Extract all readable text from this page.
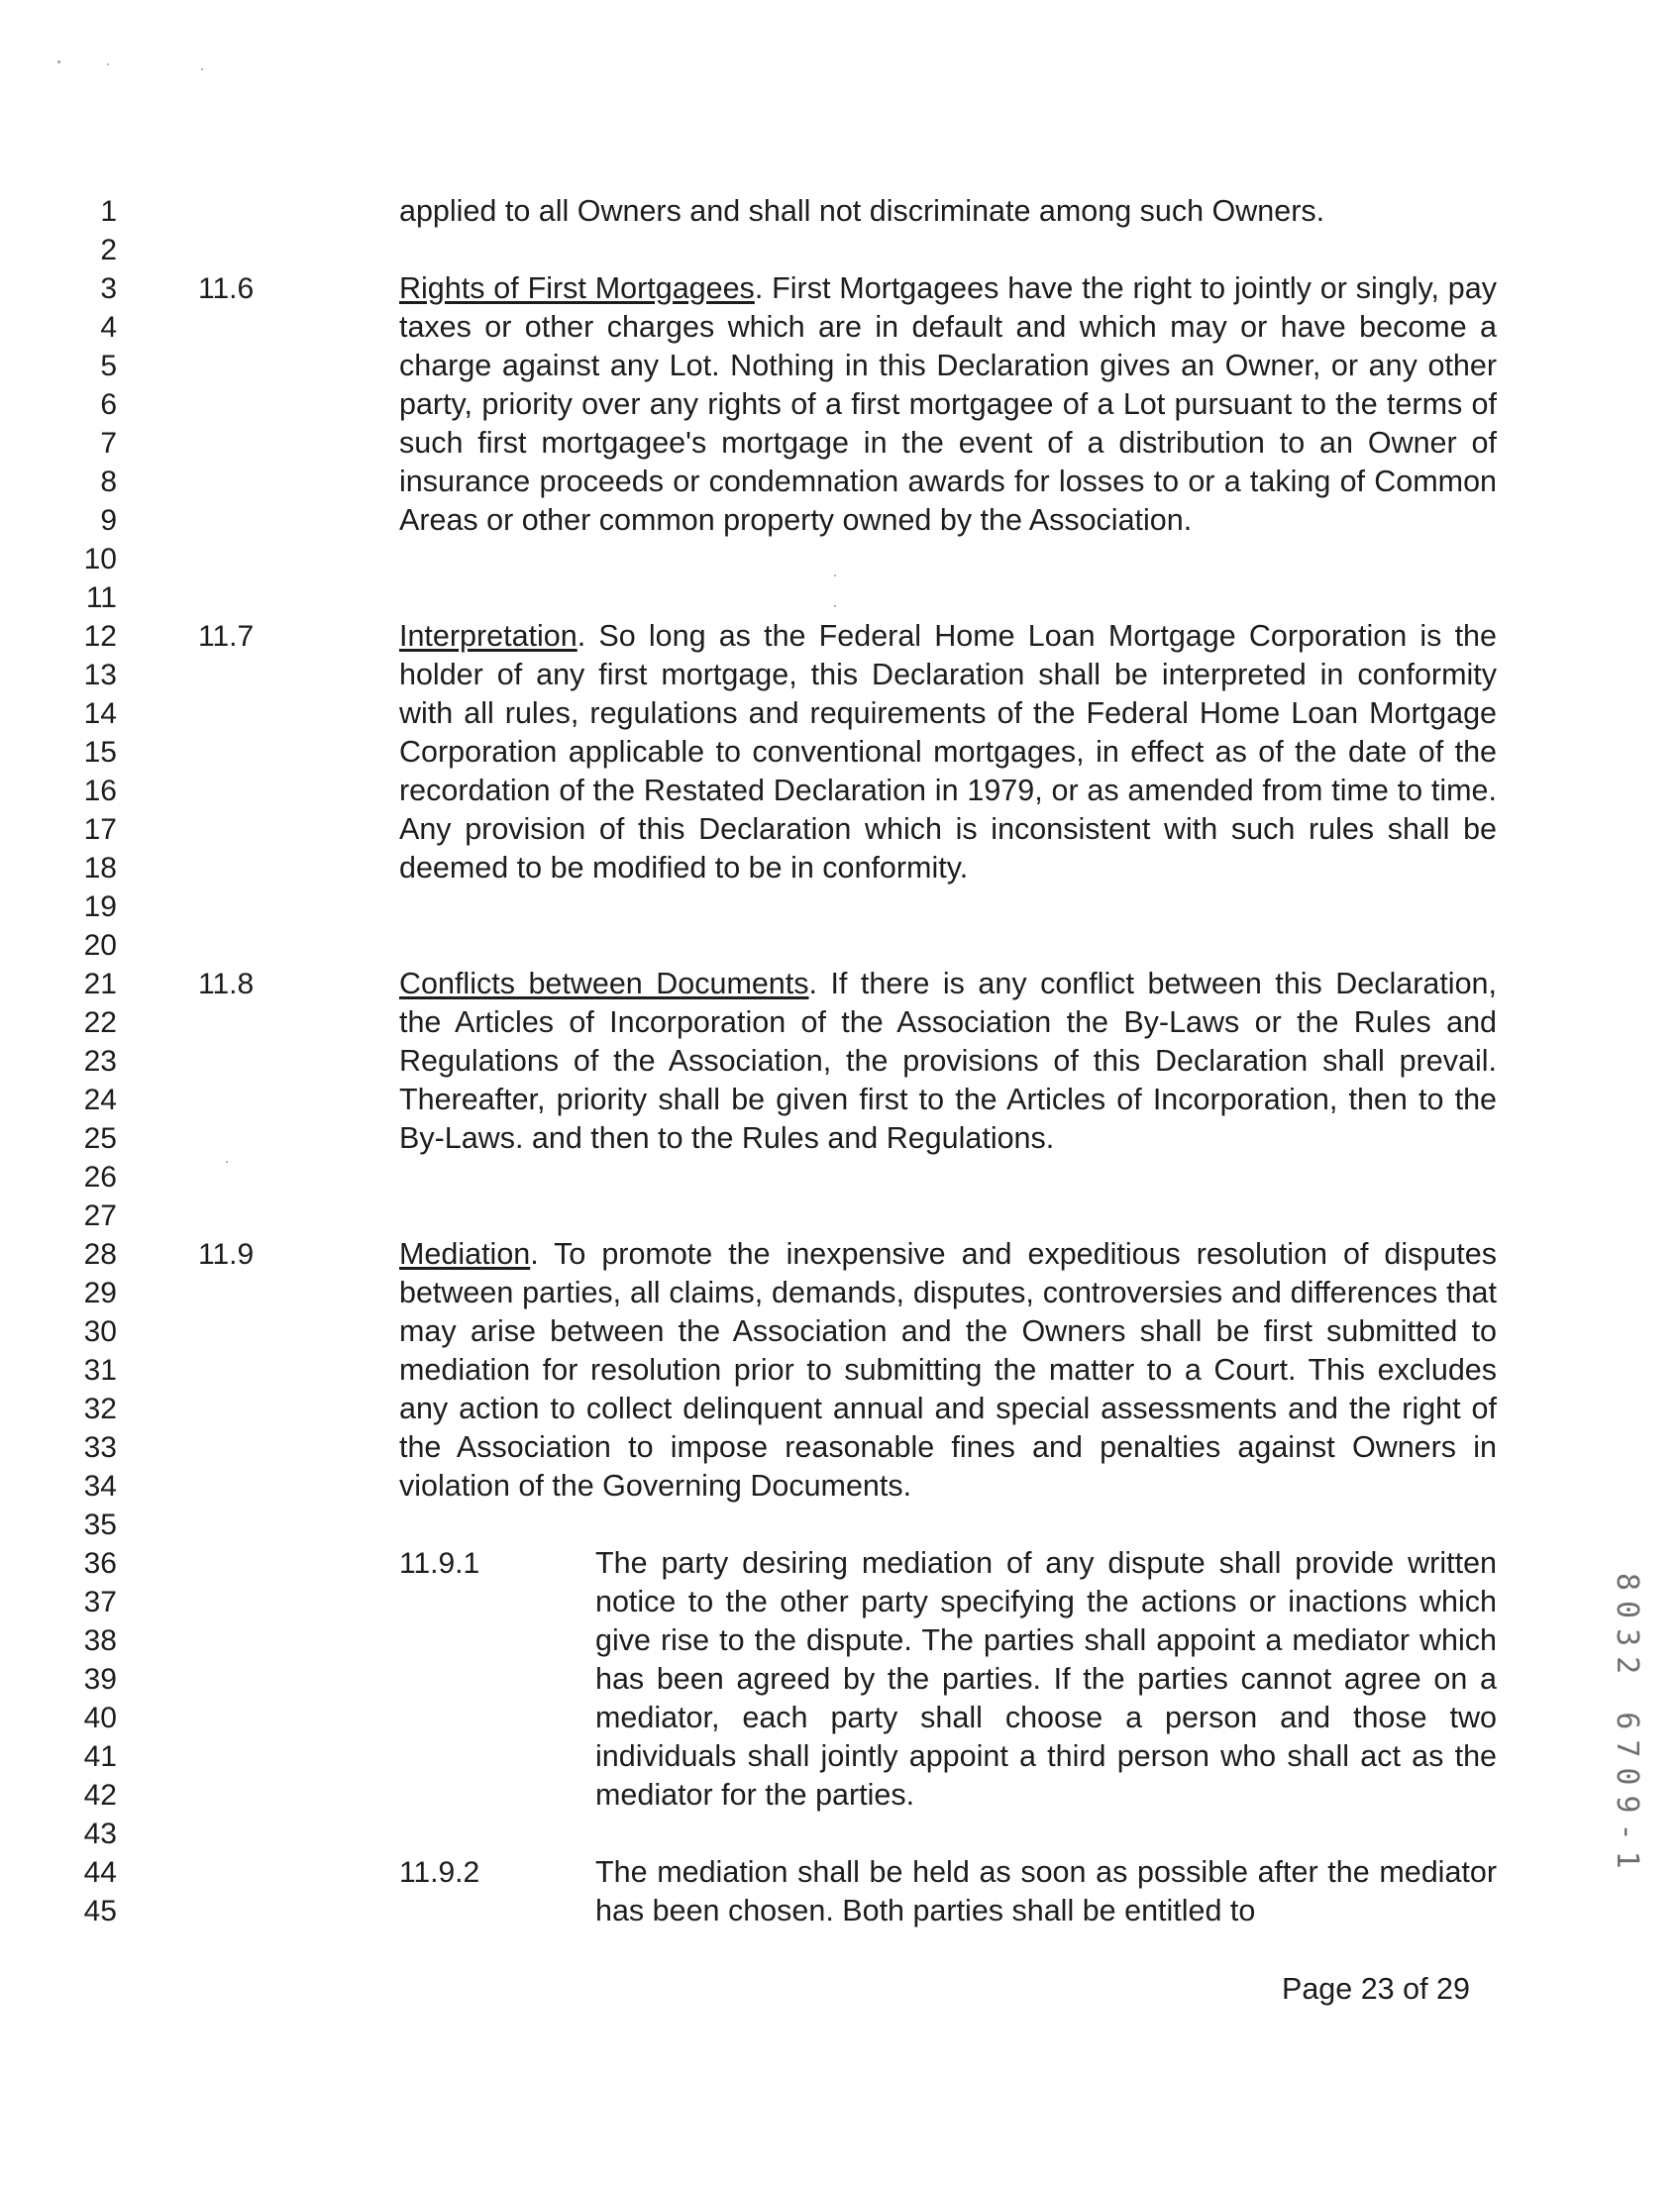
1
2
3
4
5
6
7
8
9
10
11
12
13
14
15
16
17
18
19
20
21
22
23
24
25
26
27
28
29
30
31
32
33
34
35
36
37
38
39
40
41
42
43
44
45
applied to all Owners and shall not discriminate among such Owners.
11.6	Rights of First Mortgagees. First Mortgagees have the right to jointly or singly, pay taxes or other charges which are in default and which may or have become a charge against any Lot. Nothing in this Declaration gives an Owner, or any other party, priority over any rights of a first mortgagee of a Lot pursuant to the terms of such first mortgagee's mortgage in the event of a distribution to an Owner of insurance proceeds or condemnation awards for losses to or a taking of Common Areas or other common property owned by the Association.
11.7	Interpretation. So long as the Federal Home Loan Mortgage Corporation is the holder of any first mortgage, this Declaration shall be interpreted in conformity with all rules, regulations and requirements of the Federal Home Loan Mortgage Corporation applicable to conventional mortgages, in effect as of the date of the recordation of the Restated Declaration in 1979, or as amended from time to time. Any provision of this Declaration which is inconsistent with such rules shall be deemed to be modified to be in conformity.
11.8	Conflicts between Documents. If there is any conflict between this Declaration, the Articles of Incorporation of the Association the By-Laws or the Rules and Regulations of the Association, the provisions of this Declaration shall prevail. Thereafter, priority shall be given first to the Articles of Incorporation, then to the By-Laws. and then to the Rules and Regulations.
11.9	Mediation. To promote the inexpensive and expeditious resolution of disputes between parties, all claims, demands, disputes, controversies and differences that may arise between the Association and the Owners shall be first submitted to mediation for resolution prior to submitting the matter to a Court. This excludes any action to collect delinquent annual and special assessments and the right of the Association to impose reasonable fines and penalties against Owners in violation of the Governing Documents.
11.9.1	The party desiring mediation of any dispute shall provide written notice to the other party specifying the actions or inactions which give rise to the dispute. The parties shall appoint a mediator which has been agreed by the parties. If the parties cannot agree on a mediator, each party shall choose a person and those two individuals shall jointly appoint a third person who shall act as the mediator for the parties.
11.9.2	The mediation shall be held as soon as possible after the mediator has been chosen. Both parties shall be entitled to
Page 23 of 29
8032 6709-1
